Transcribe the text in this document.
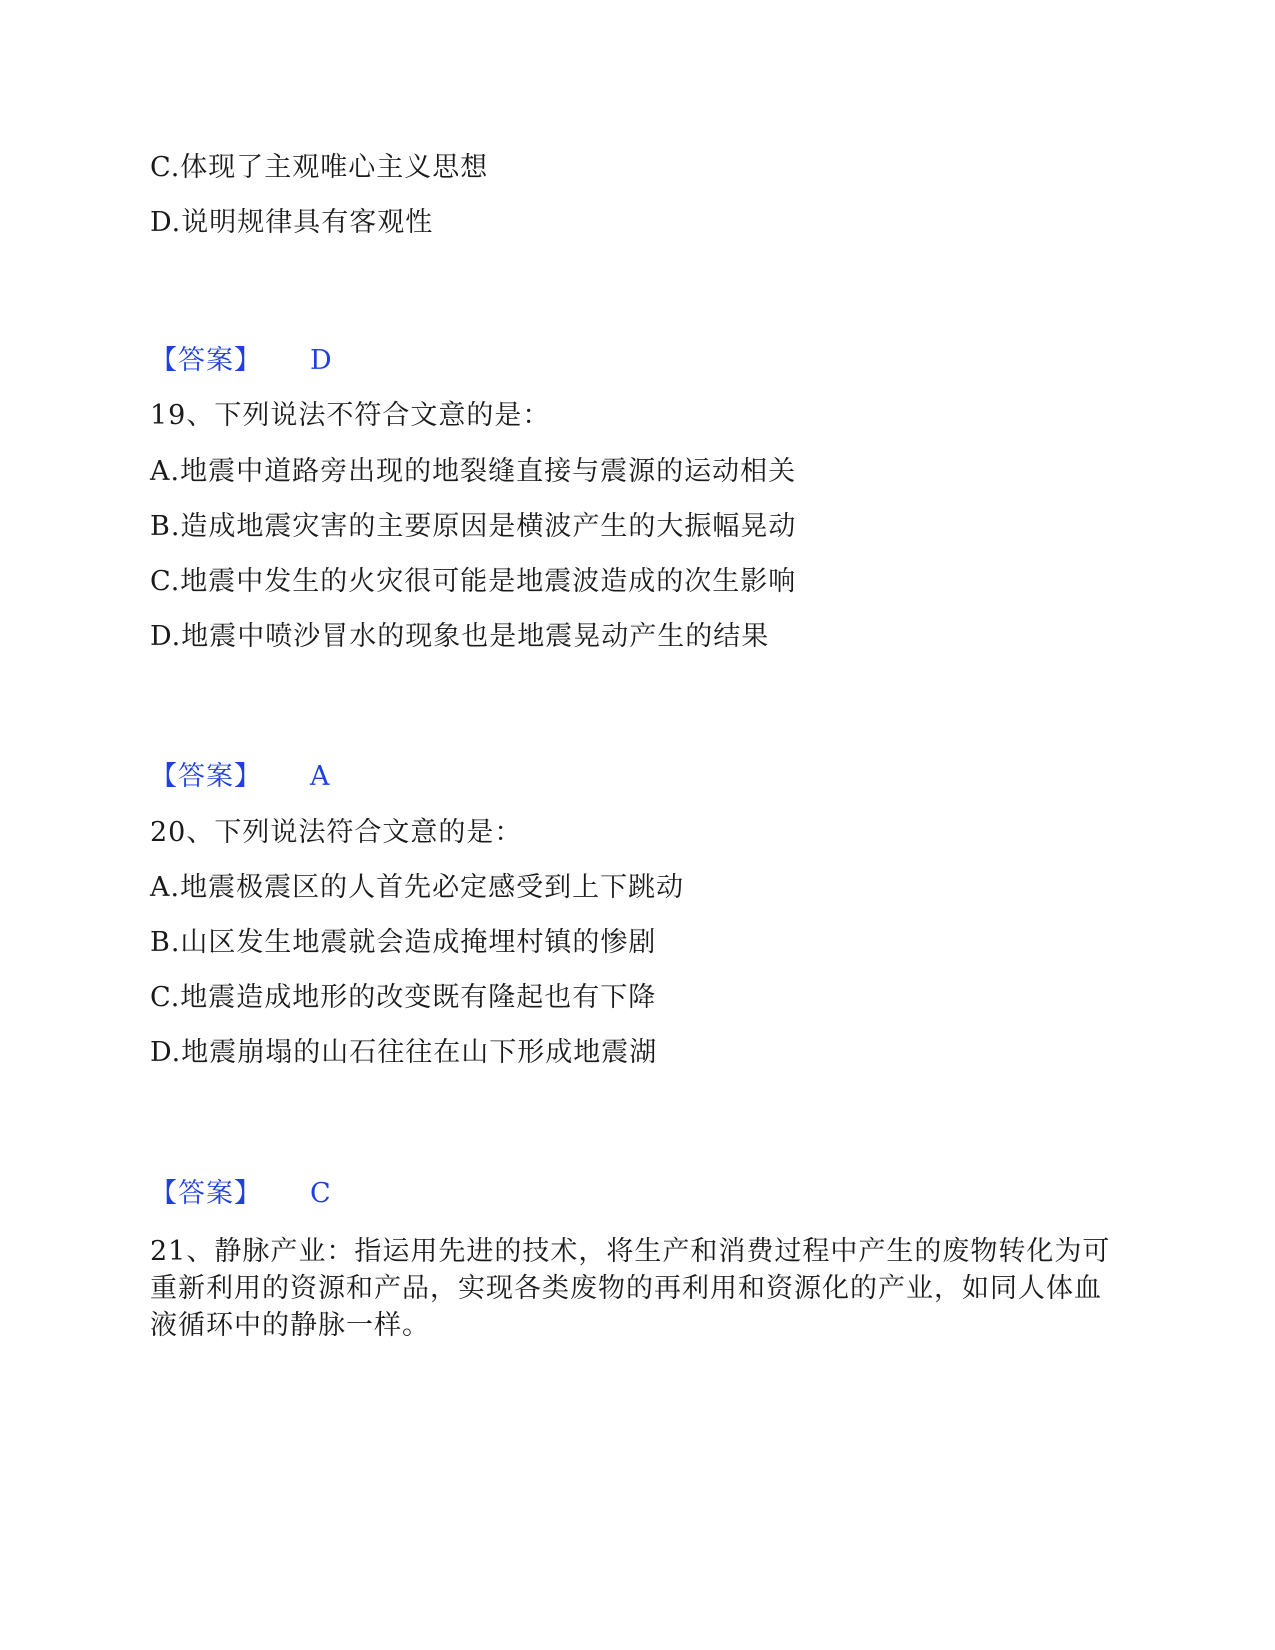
C.体现了主观唯心主义思想
D.说明规律具有客观性
【答案】 D
19、下列说法不符合文意的是：
A.地震中道路旁出现的地裂缝直接与震源的运动相关
B.造成地震灾害的主要原因是横波产生的大振幅晃动
C.地震中发生的火灾很可能是地震波造成的次生影响
D.地震中喷沙冒水的现象也是地震晃动产生的结果
【答案】 A
20、下列说法符合文意的是：
A.地震极震区的人首先必定感受到上下跳动
B.山区发生地震就会造成掩埋村镇的惨剧
C.地震造成地形的改变既有隆起也有下降
D.地震崩塌的山石往往在山下形成地震湖
【答案】 C
21、静脉产业：指运用先进的技术，将生产和消费过程中产生的废物转化为可重新利用的资源和产品，实现各类废物的再利用和资源化的产业，如同人体血液循环中的静脉一样。
